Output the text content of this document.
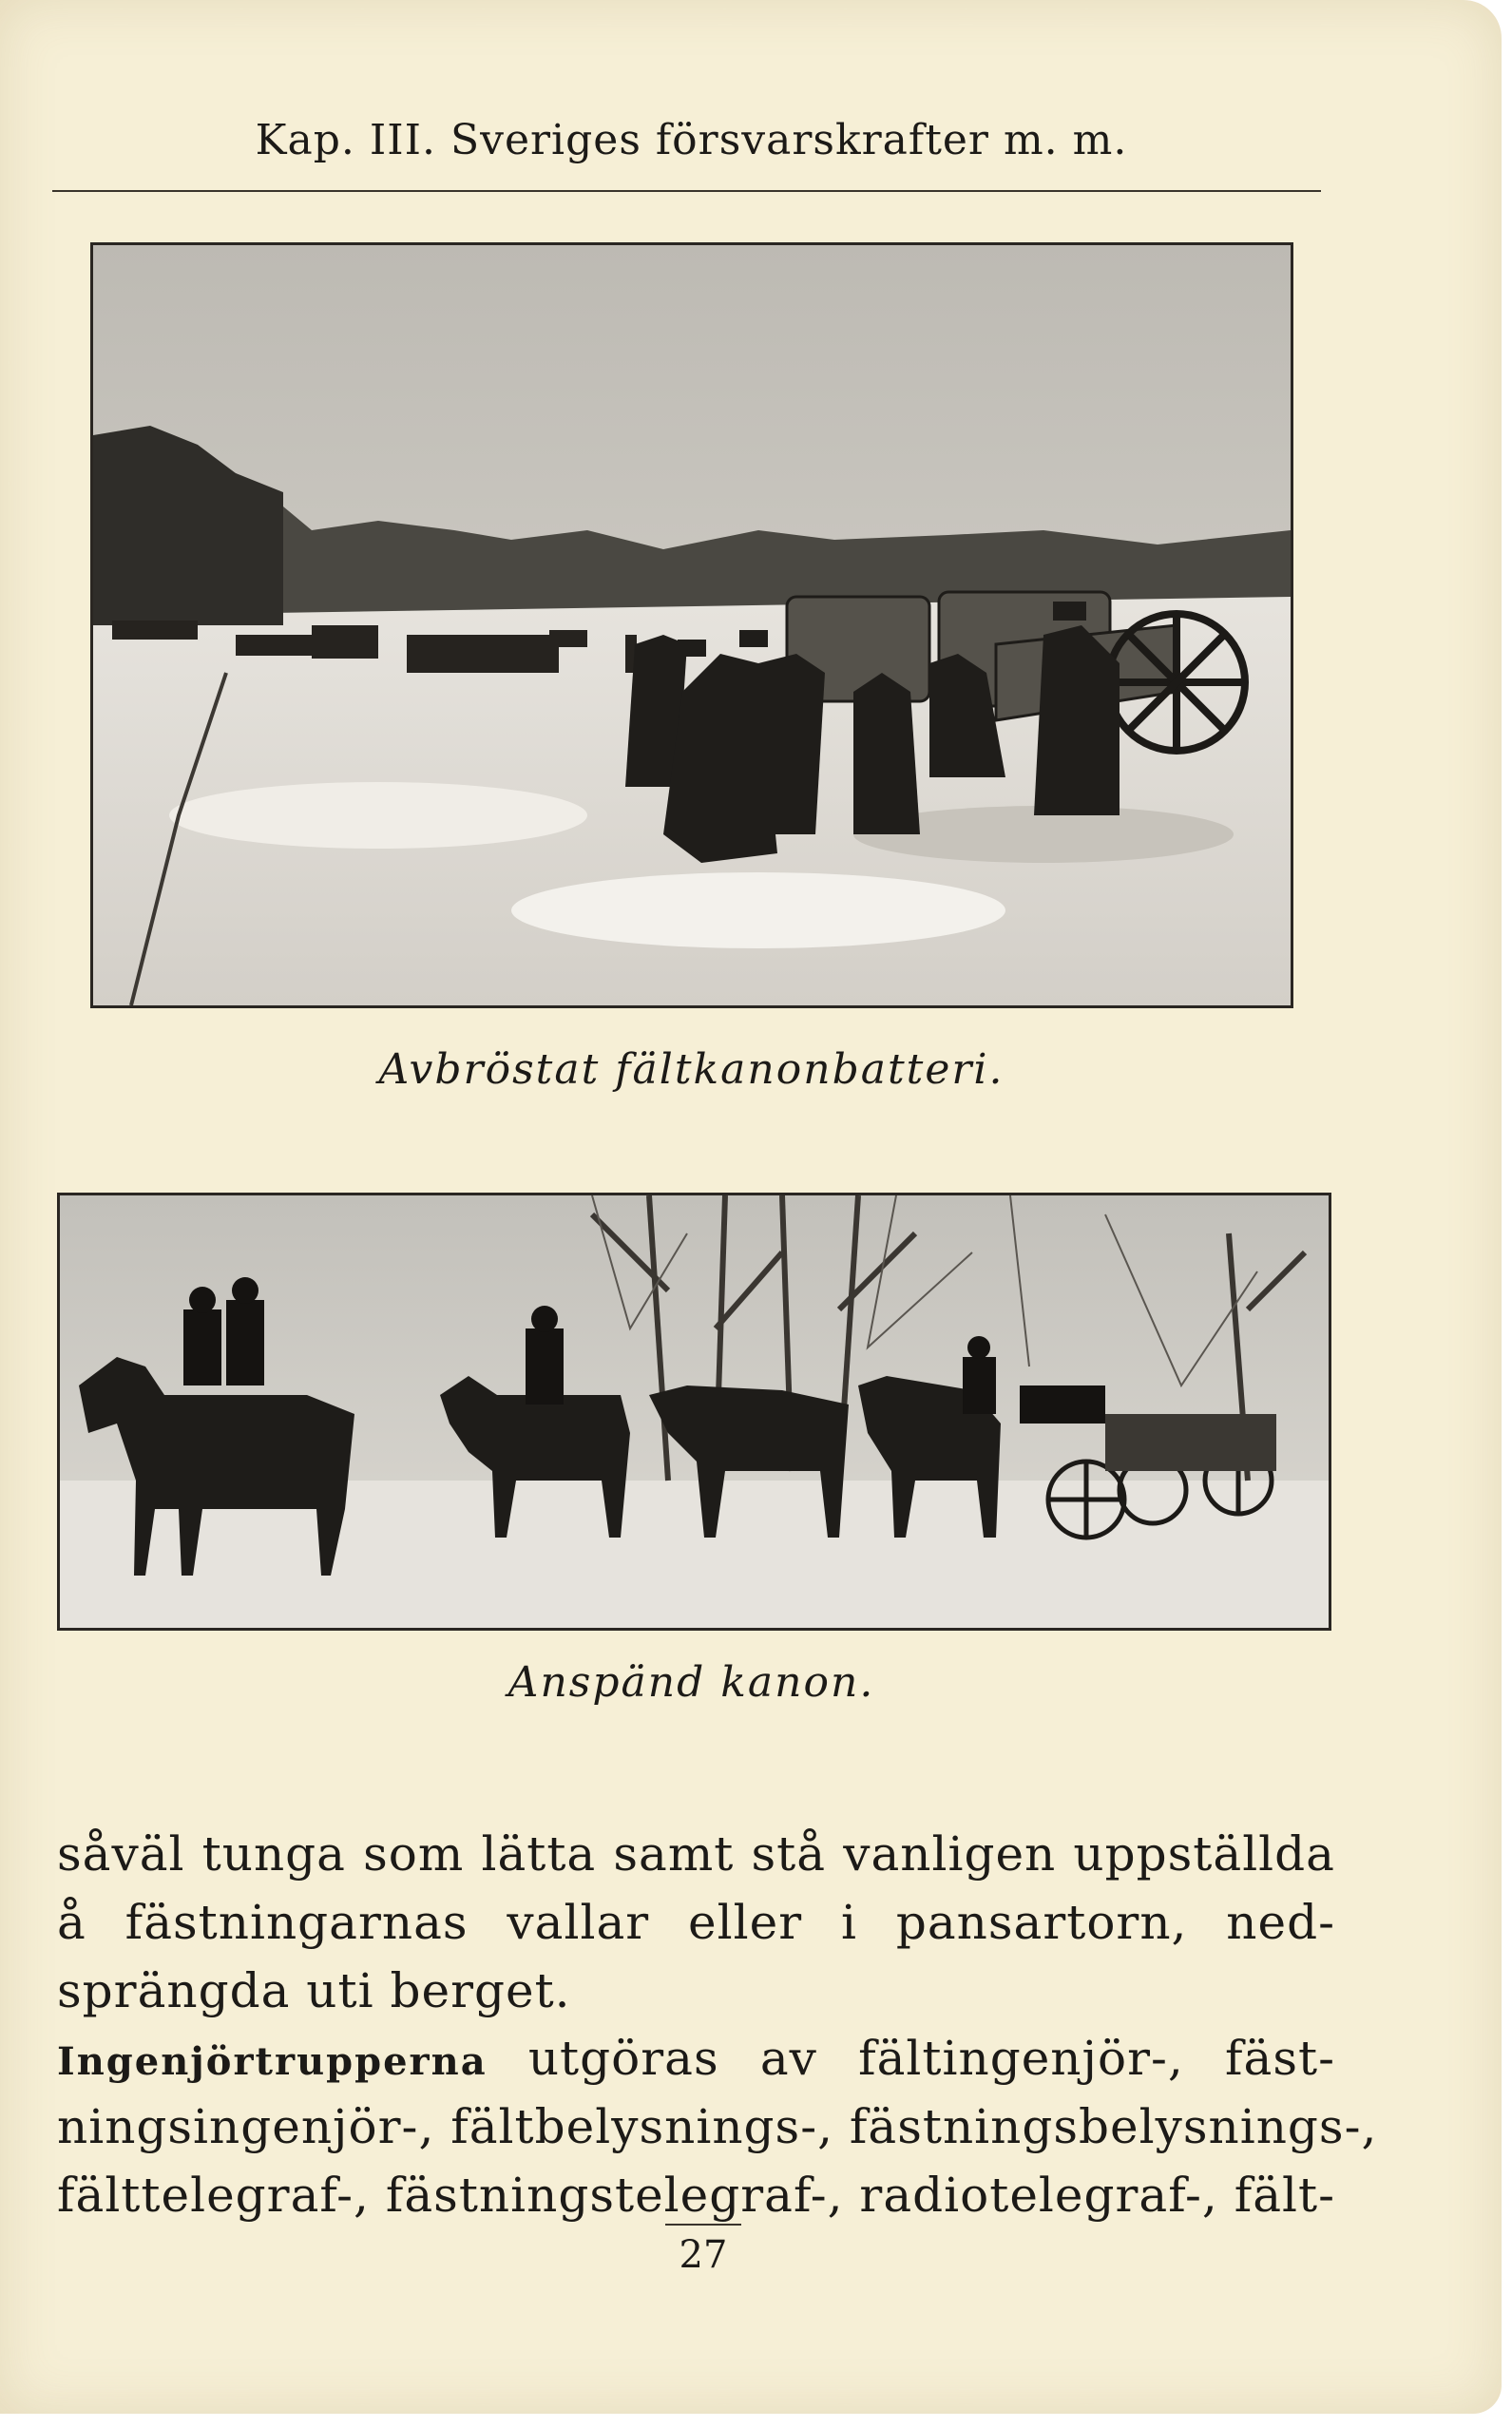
Kap. III. Sveriges försvarskrafter m. m.
Avbröstat fältkanonbatteri.
Anspänd kanon.
såväl tunga som lätta samt stå vanligen uppställda
å fästningarnas vallar eller i pansartorn, ned-
sprängda uti berget.
Ingenjörtrupperna utgöras av fältingenjör-, fäst-
ningsingenjör-, fältbelysnings-, fästningsbelysnings-,
fälttelegraf-, fästningstelegraf-, radiotelegraf-, fält-
27
